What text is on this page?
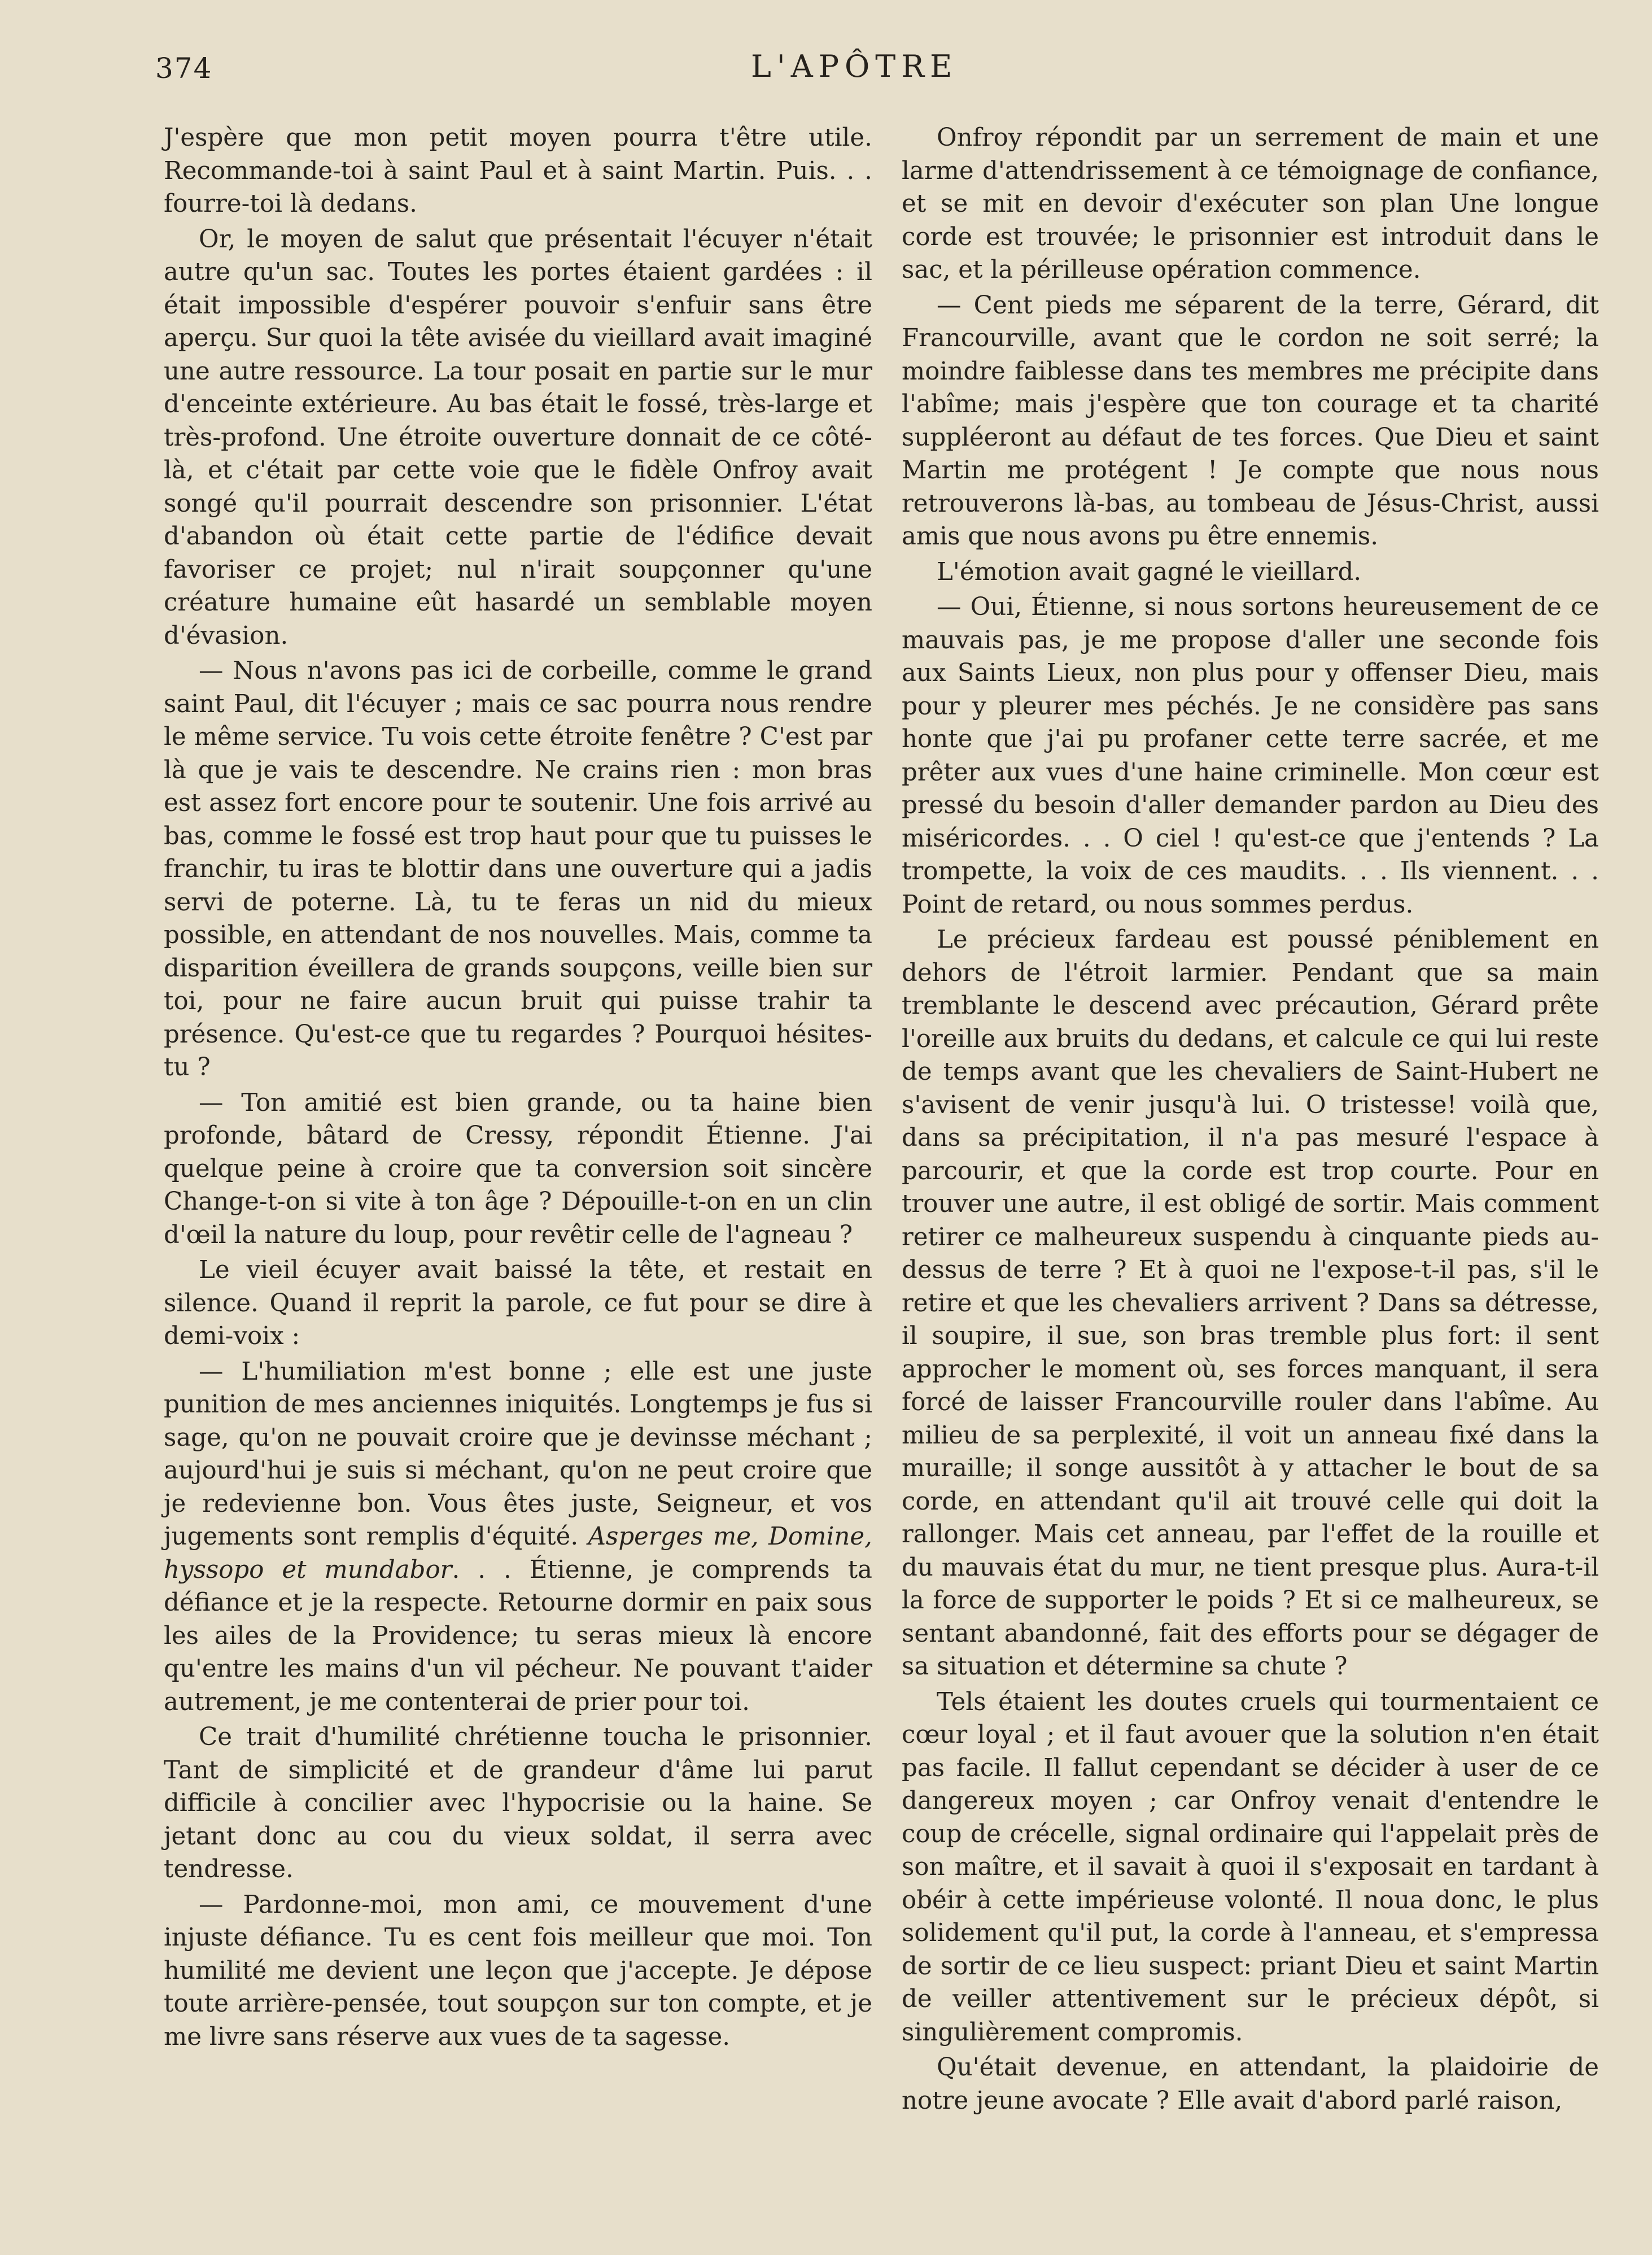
374	L'APÔTRE

J'espère que mon petit moyen pourra t'être utile. Recommande-toi à saint Paul et à saint Martin. Puis. . . fourre-toi là dedans.

Or, le moyen de salut que présentait l'écuyer n'était autre qu'un sac. Toutes les portes étaient gardées : il était impossible d'espérer pouvoir s'enfuir sans être aperçu. Sur quoi la tête avisée du vieillard avait imaginé une autre ressource. La tour posait en partie sur le mur d'enceinte extérieure. Au bas était le fossé, très-large et très-profond. Une étroite ouverture donnait de ce côté-là, et c'était par cette voie que le fidèle Onfroy avait songé qu'il pourrait descendre son prisonnier. L'état d'abandon où était cette partie de l'édifice devait favoriser ce projet; nul n'irait soupçonner qu'une créature humaine eût hasardé un semblable moyen d'évasion.

— Nous n'avons pas ici de corbeille, comme le grand saint Paul, dit l'écuyer ; mais ce sac pourra nous rendre le même service. Tu vois cette étroite fenêtre ? C'est par là que je vais te descendre. Ne crains rien : mon bras est assez fort encore pour te soutenir. Une fois arrivé au bas, comme le fossé est trop haut pour que tu puisses le franchir, tu iras te blottir dans une ouverture qui a jadis servi de poterne. Là, tu te feras un nid du mieux possible, en attendant de nos nouvelles. Mais, comme ta disparition éveillera de grands soupçons, veille bien sur toi, pour ne faire aucun bruit qui puisse trahir ta présence. Qu'est-ce que tu regardes ? Pourquoi hésites-tu ?

— Ton amitié est bien grande, ou ta haine bien profonde, bâtard de Cressy, répondit Étienne. J'ai quelque peine à croire que ta conversion soit sincère Change-t-on si vite à ton âge ? Dépouille-t-on en un clin d'œil la nature du loup, pour revêtir celle de l'agneau ?

Le vieil écuyer avait baissé la tête, et restait en silence. Quand il reprit la parole, ce fut pour se dire à demi-voix :

— L'humiliation m'est bonne ; elle est une juste punition de mes anciennes iniquités. Longtemps je fus si sage, qu'on ne pouvait croire que je devinsse méchant ; aujourd'hui je suis si méchant, qu'on ne peut croire que je redevienne bon. Vous êtes juste, Seigneur, et vos jugements sont remplis d'équité. Asperges me, Domine, hyssopo et mundabor. . . Étienne, je comprends ta défiance et je la respecte. Retourne dormir en paix sous les ailes de la Providence; tu seras mieux là encore qu'entre les mains d'un vil pécheur. Ne pouvant t'aider autrement, je me contenterai de prier pour toi.

Ce trait d'humilité chrétienne toucha le prisonnier. Tant de simplicité et de grandeur d'âme lui parut difficile à concilier avec l'hypocrisie ou la haine. Se jetant donc au cou du vieux soldat, il serra avec tendresse.

— Pardonne-moi, mon ami, ce mouvement d'une injuste défiance. Tu es cent fois meilleur que moi. Ton humilité me devient une leçon que j'accepte. Je dépose toute arrière-pensée, tout soupçon sur ton compte, et je me livre sans réserve aux vues de ta sagesse.

Onfroy répondit par un serrement de main et une larme d'attendrissement à ce témoignage de confiance, et se mit en devoir d'exécuter son plan Une longue corde est trouvée; le prisonnier est introduit dans le sac, et la périlleuse opération commence.

— Cent pieds me séparent de la terre, Gérard, dit Francourville, avant que le cordon ne soit serré; la moindre faiblesse dans tes membres me précipite dans l'abîme; mais j'espère que ton courage et ta charité suppléeront au défaut de tes forces. Que Dieu et saint Martin me protégent ! Je compte que nous nous retrouverons là-bas, au tombeau de Jésus-Christ, aussi amis que nous avons pu être ennemis.

L'émotion avait gagné le vieillard.

— Oui, Étienne, si nous sortons heureusement de ce mauvais pas, je me propose d'aller une seconde fois aux Saints Lieux, non plus pour y offenser Dieu, mais pour y pleurer mes péchés. Je ne considère pas sans honte que j'ai pu profaner cette terre sacrée, et me prêter aux vues d'une haine criminelle. Mon cœur est pressé du besoin d'aller demander pardon au Dieu des miséricordes. . . O ciel ! qu'est-ce que j'entends ? La trompette, la voix de ces maudits. . . Ils viennent. . . Point de retard, ou nous sommes perdus.

Le précieux fardeau est poussé péniblement en dehors de l'étroit larmier. Pendant que sa main tremblante le descend avec précaution, Gérard prête l'oreille aux bruits du dedans, et calcule ce qui lui reste de temps avant que les chevaliers de Saint-Hubert ne s'avisent de venir jusqu'à lui. O tristesse! voilà que, dans sa précipitation, il n'a pas mesuré l'espace à parcourir, et que la corde est trop courte. Pour en trouver une autre, il est obligé de sortir. Mais comment retirer ce malheureux suspendu à cinquante pieds au-dessus de terre ? Et à quoi ne l'expose-t-il pas, s'il le retire et que les chevaliers arrivent ? Dans sa détresse, il soupire, il sue, son bras tremble plus fort: il sent approcher le moment où, ses forces manquant, il sera forcé de laisser Francourville rouler dans l'abîme. Au milieu de sa perplexité, il voit un anneau fixé dans la muraille; il songe aussitôt à y attacher le bout de sa corde, en attendant qu'il ait trouvé celle qui doit la rallonger. Mais cet anneau, par l'effet de la rouille et du mauvais état du mur, ne tient presque plus. Aura-t-il la force de supporter le poids ? Et si ce malheureux, se sentant abandonné, fait des efforts pour se dégager de sa situation et détermine sa chute ?

Tels étaient les doutes cruels qui tourmentaient ce cœur loyal ; et il faut avouer que la solution n'en était pas facile. Il fallut cependant se décider à user de ce dangereux moyen ; car Onfroy venait d'entendre le coup de crécelle, signal ordinaire qui l'appelait près de son maître, et il savait à quoi il s'exposait en tardant à obéir à cette impérieuse volonté. Il noua donc, le plus solidement qu'il put, la corde à l'anneau, et s'empressa de sortir de ce lieu suspect: priant Dieu et saint Martin de veiller attentivement sur le précieux dépôt, si singulièrement compromis.

Qu'était devenue, en attendant, la plaidoirie de notre jeune avocate ? Elle avait d'abord parlé raison,
